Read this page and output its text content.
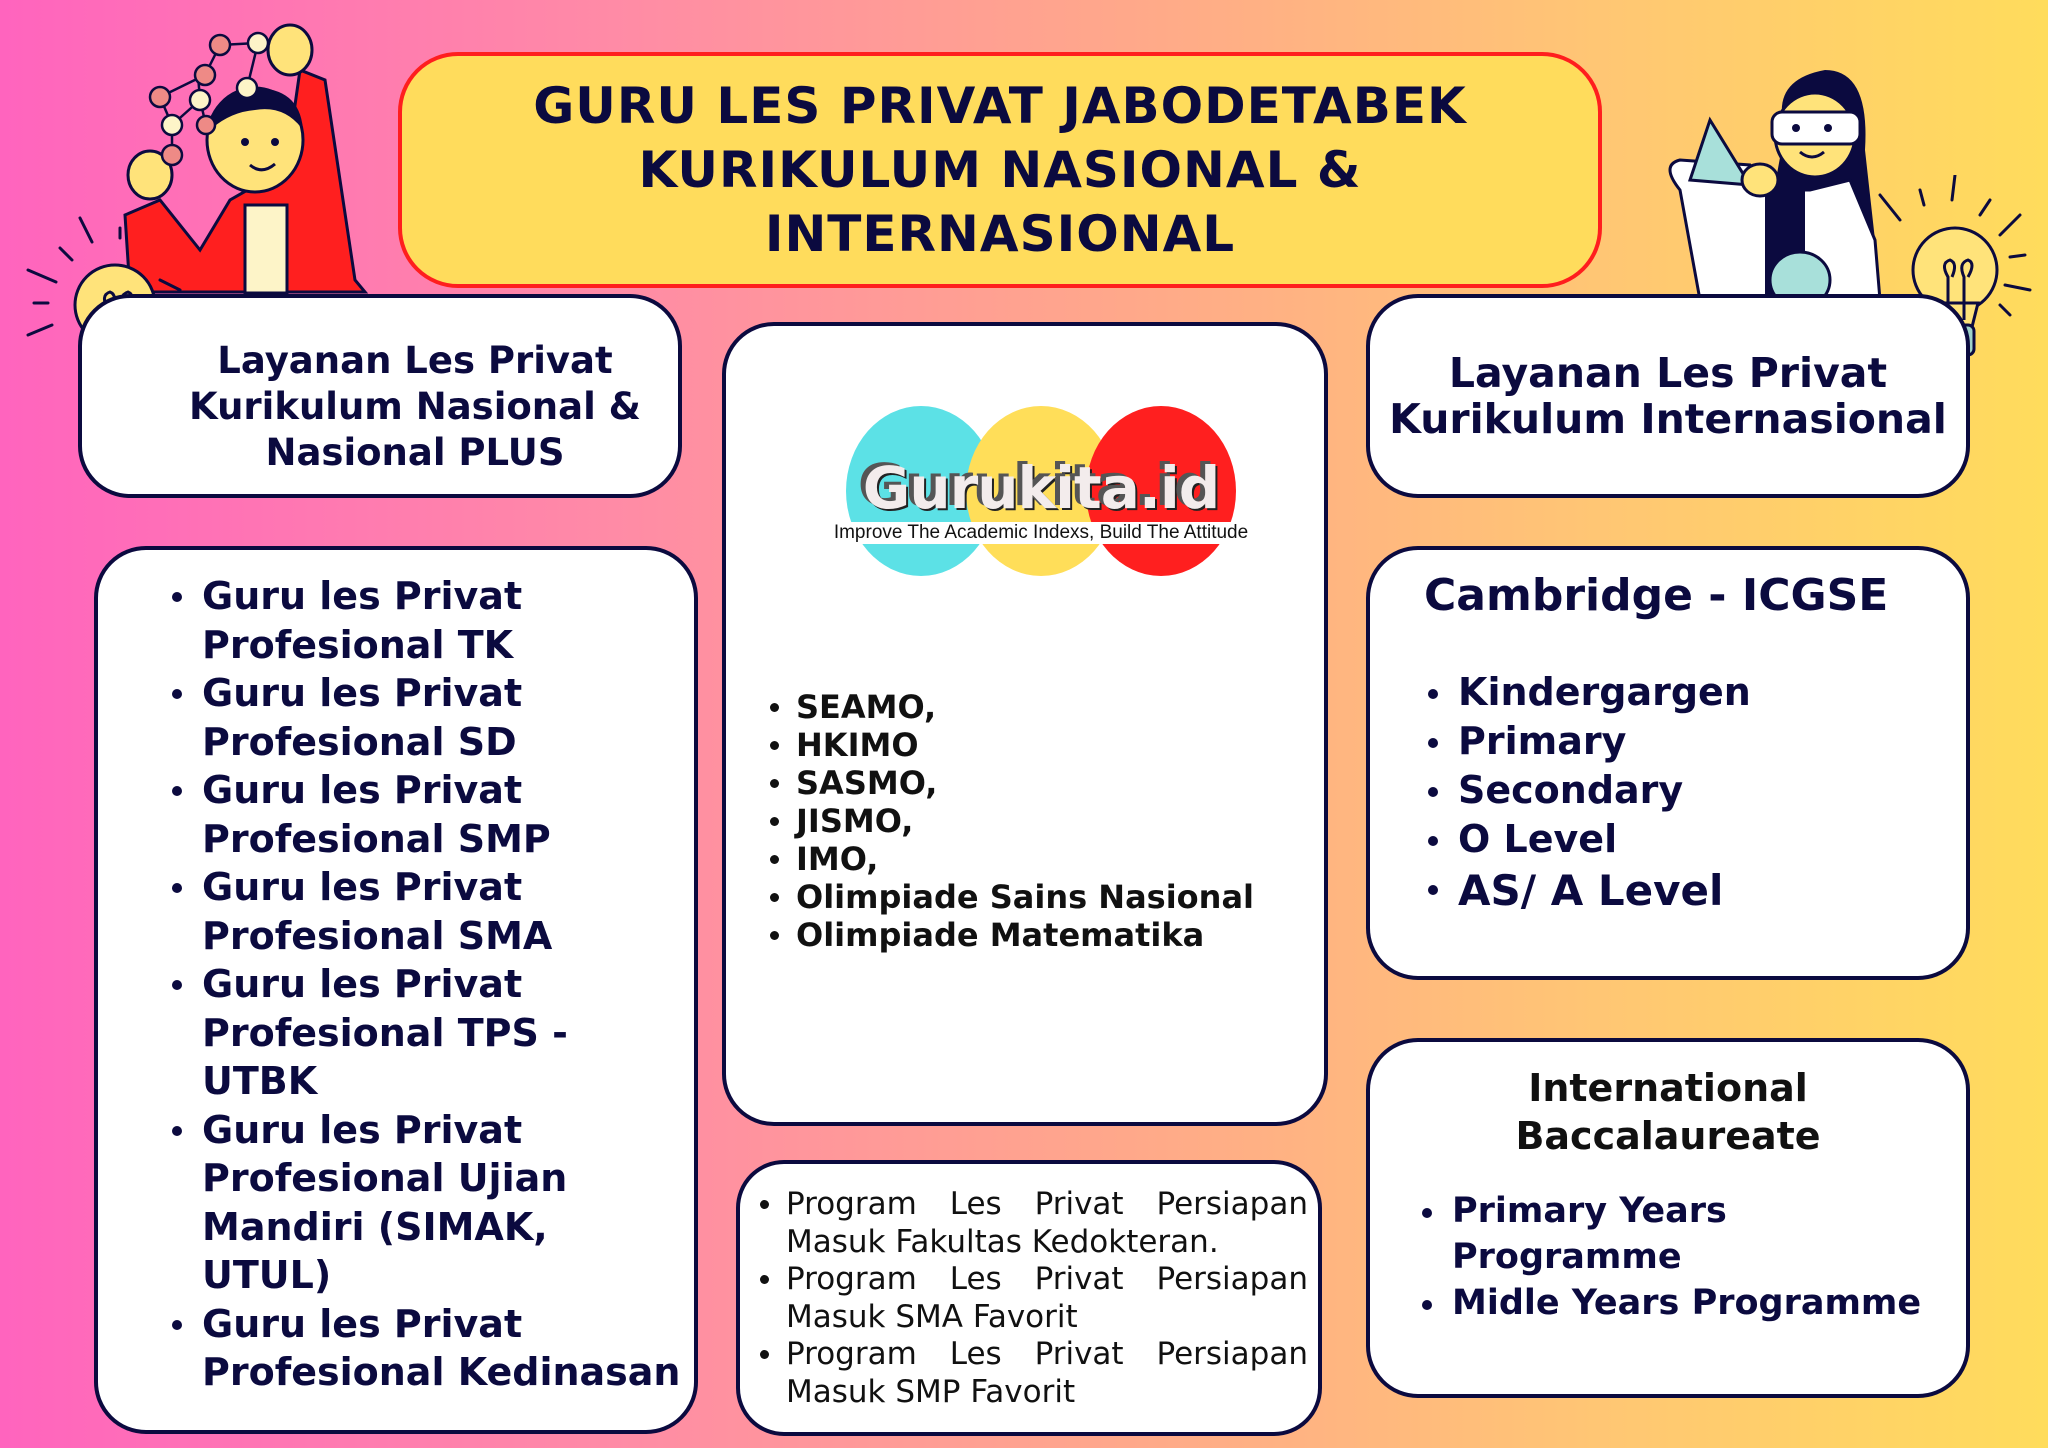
GURU LES PRIVAT JABODETABEK
KURIKULUM NASIONAL &
INTERNASIONAL
Layanan Les Privat
Kurikulum Nasional &
Nasional PLUS
Guru les Privat
Profesional TK
Guru les Privat
Profesional SD
Guru les Privat
Profesional SMP
Guru les Privat
Profesional SMA
Guru les Privat
Profesional TPS -
UTBK
Guru les Privat
Profesional Ujian
Mandiri (SIMAK,
UTUL)
Guru les Privat
Profesional Kedinasan
Gurukita.id
Improve The Academic Indexs, Build The Attitude
SEAMO,
HKIMO
SASMO,
JISMO,
IMO,
Olimpiade Sains Nasional
Olimpiade Matematika
Program Les Privat Persiapan
Masuk Fakultas Kedokteran.
Program Les Privat Persiapan
Masuk SMA Favorit
Program Les Privat Persiapan
Masuk SMP Favorit
Layanan Les Privat
Kurikulum Internasional
Cambridge - ICGSE
Kindergargen
Primary
Secondary
O Level
AS/ A Level
International
Baccalaureate
Primary Years
Programme
Midle Years Programme
